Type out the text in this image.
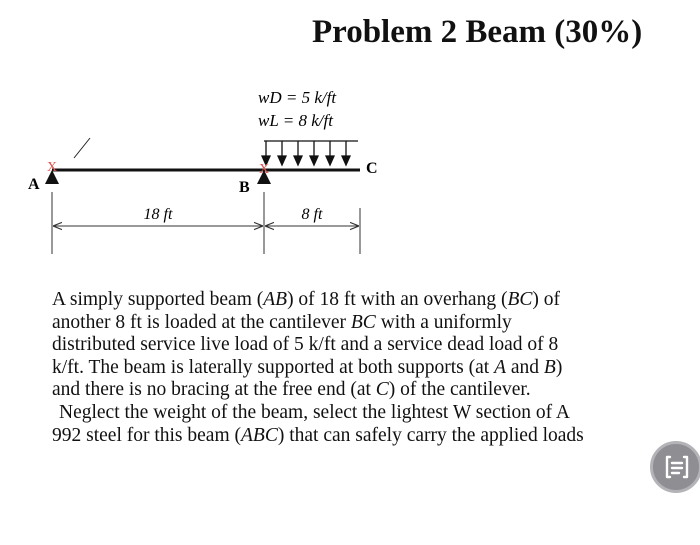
Problem 2 Beam (30%)
wD = 5 k/ft
wL = 8 k/ft
X	X
A	B
C
18 ft	8 ft

A simply supported beam (AB) of 18 ft with an overhang (BC) of
another 8 ft is loaded at the cantilever BC with a uniformly
distributed service live load of 5 k/ft and a service dead load of 8
k/ft. The beam is laterally supported at both supports (at A and B)
and there is no bracing at the free end (at C) of the cantilever.
Neglect the weight of the beam, select the lightest W section of A
992 steel for this beam (ABC) that can safely carry the applied loads
